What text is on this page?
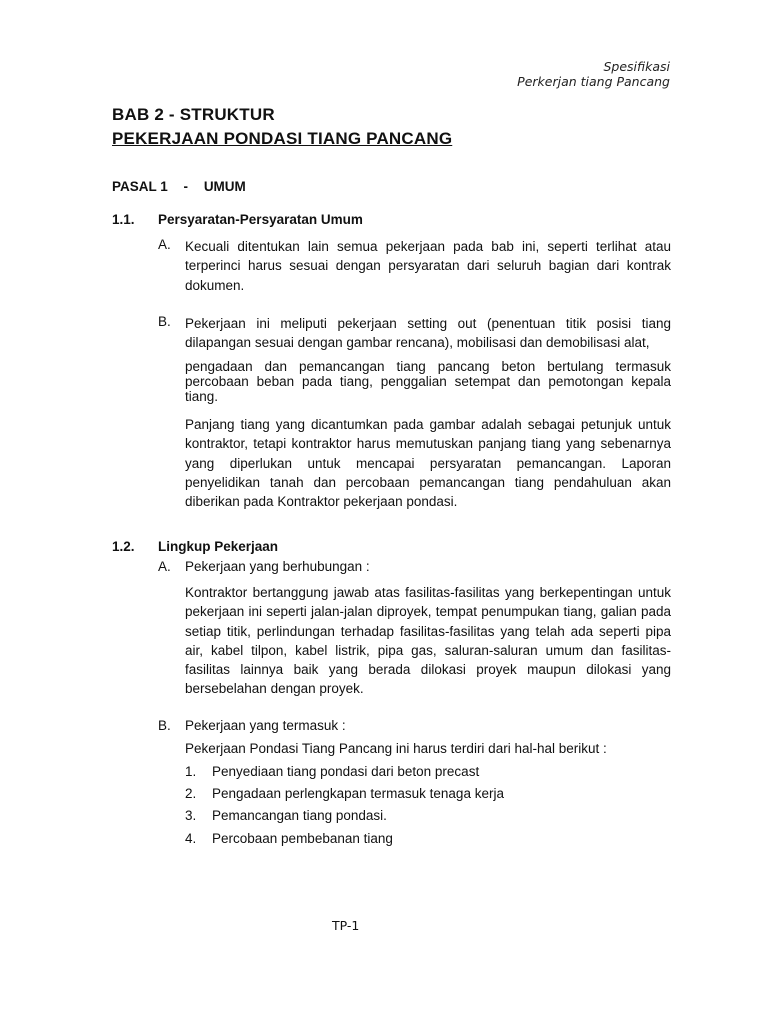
Spesifikasi
Perkerjan tiang Pancang
BAB 2 - STRUKTUR
PEKERJAAN PONDASI TIANG PANCANG
PASAL 1 - UMUM
1.1. Persyaratan-Persyaratan Umum
A. Kecuali ditentukan lain semua pekerjaan pada bab ini, seperti terlihat atau terperinci harus sesuai dengan persyaratan dari seluruh bagian dari kontrak dokumen.
B. Pekerjaan ini meliputi pekerjaan setting out (penentuan titik posisi tiang dilapangan sesuai dengan gambar rencana), mobilisasi dan demobilisasi alat,
pengadaan dan pemancangan tiang pancang beton bertulang termasuk percobaan beban pada tiang, penggalian setempat dan pemotongan kepala tiang.
Panjang tiang yang dicantumkan pada gambar adalah sebagai petunjuk untuk kontraktor, tetapi kontraktor harus memutuskan panjang tiang yang sebenarnya yang diperlukan untuk mencapai persyaratan pemancangan. Laporan penyelidikan tanah dan percobaan pemancangan tiang pendahuluan akan diberikan pada Kontraktor pekerjaan pondasi.
1.2. Lingkup Pekerjaan
A. Pekerjaan yang berhubungan :
Kontraktor bertanggung jawab atas fasilitas-fasilitas yang berkepentingan untuk pekerjaan ini seperti jalan-jalan diproyek, tempat penumpukan tiang, galian pada setiap titik, perlindungan terhadap fasilitas-fasilitas yang telah ada seperti pipa air, kabel tilpon, kabel listrik, pipa gas, saluran-saluran umum dan fasilitas-fasilitas lainnya baik yang berada dilokasi proyek maupun dilokasi yang bersebelahan dengan proyek.
B. Pekerjaan yang termasuk :
Pekerjaan Pondasi Tiang Pancang ini harus terdiri dari hal-hal berikut :
1. Penyediaan tiang pondasi dari beton precast
2. Pengadaan perlengkapan termasuk tenaga kerja
3. Pemancangan tiang pondasi.
4. Percobaan pembebanan tiang
TP-1
